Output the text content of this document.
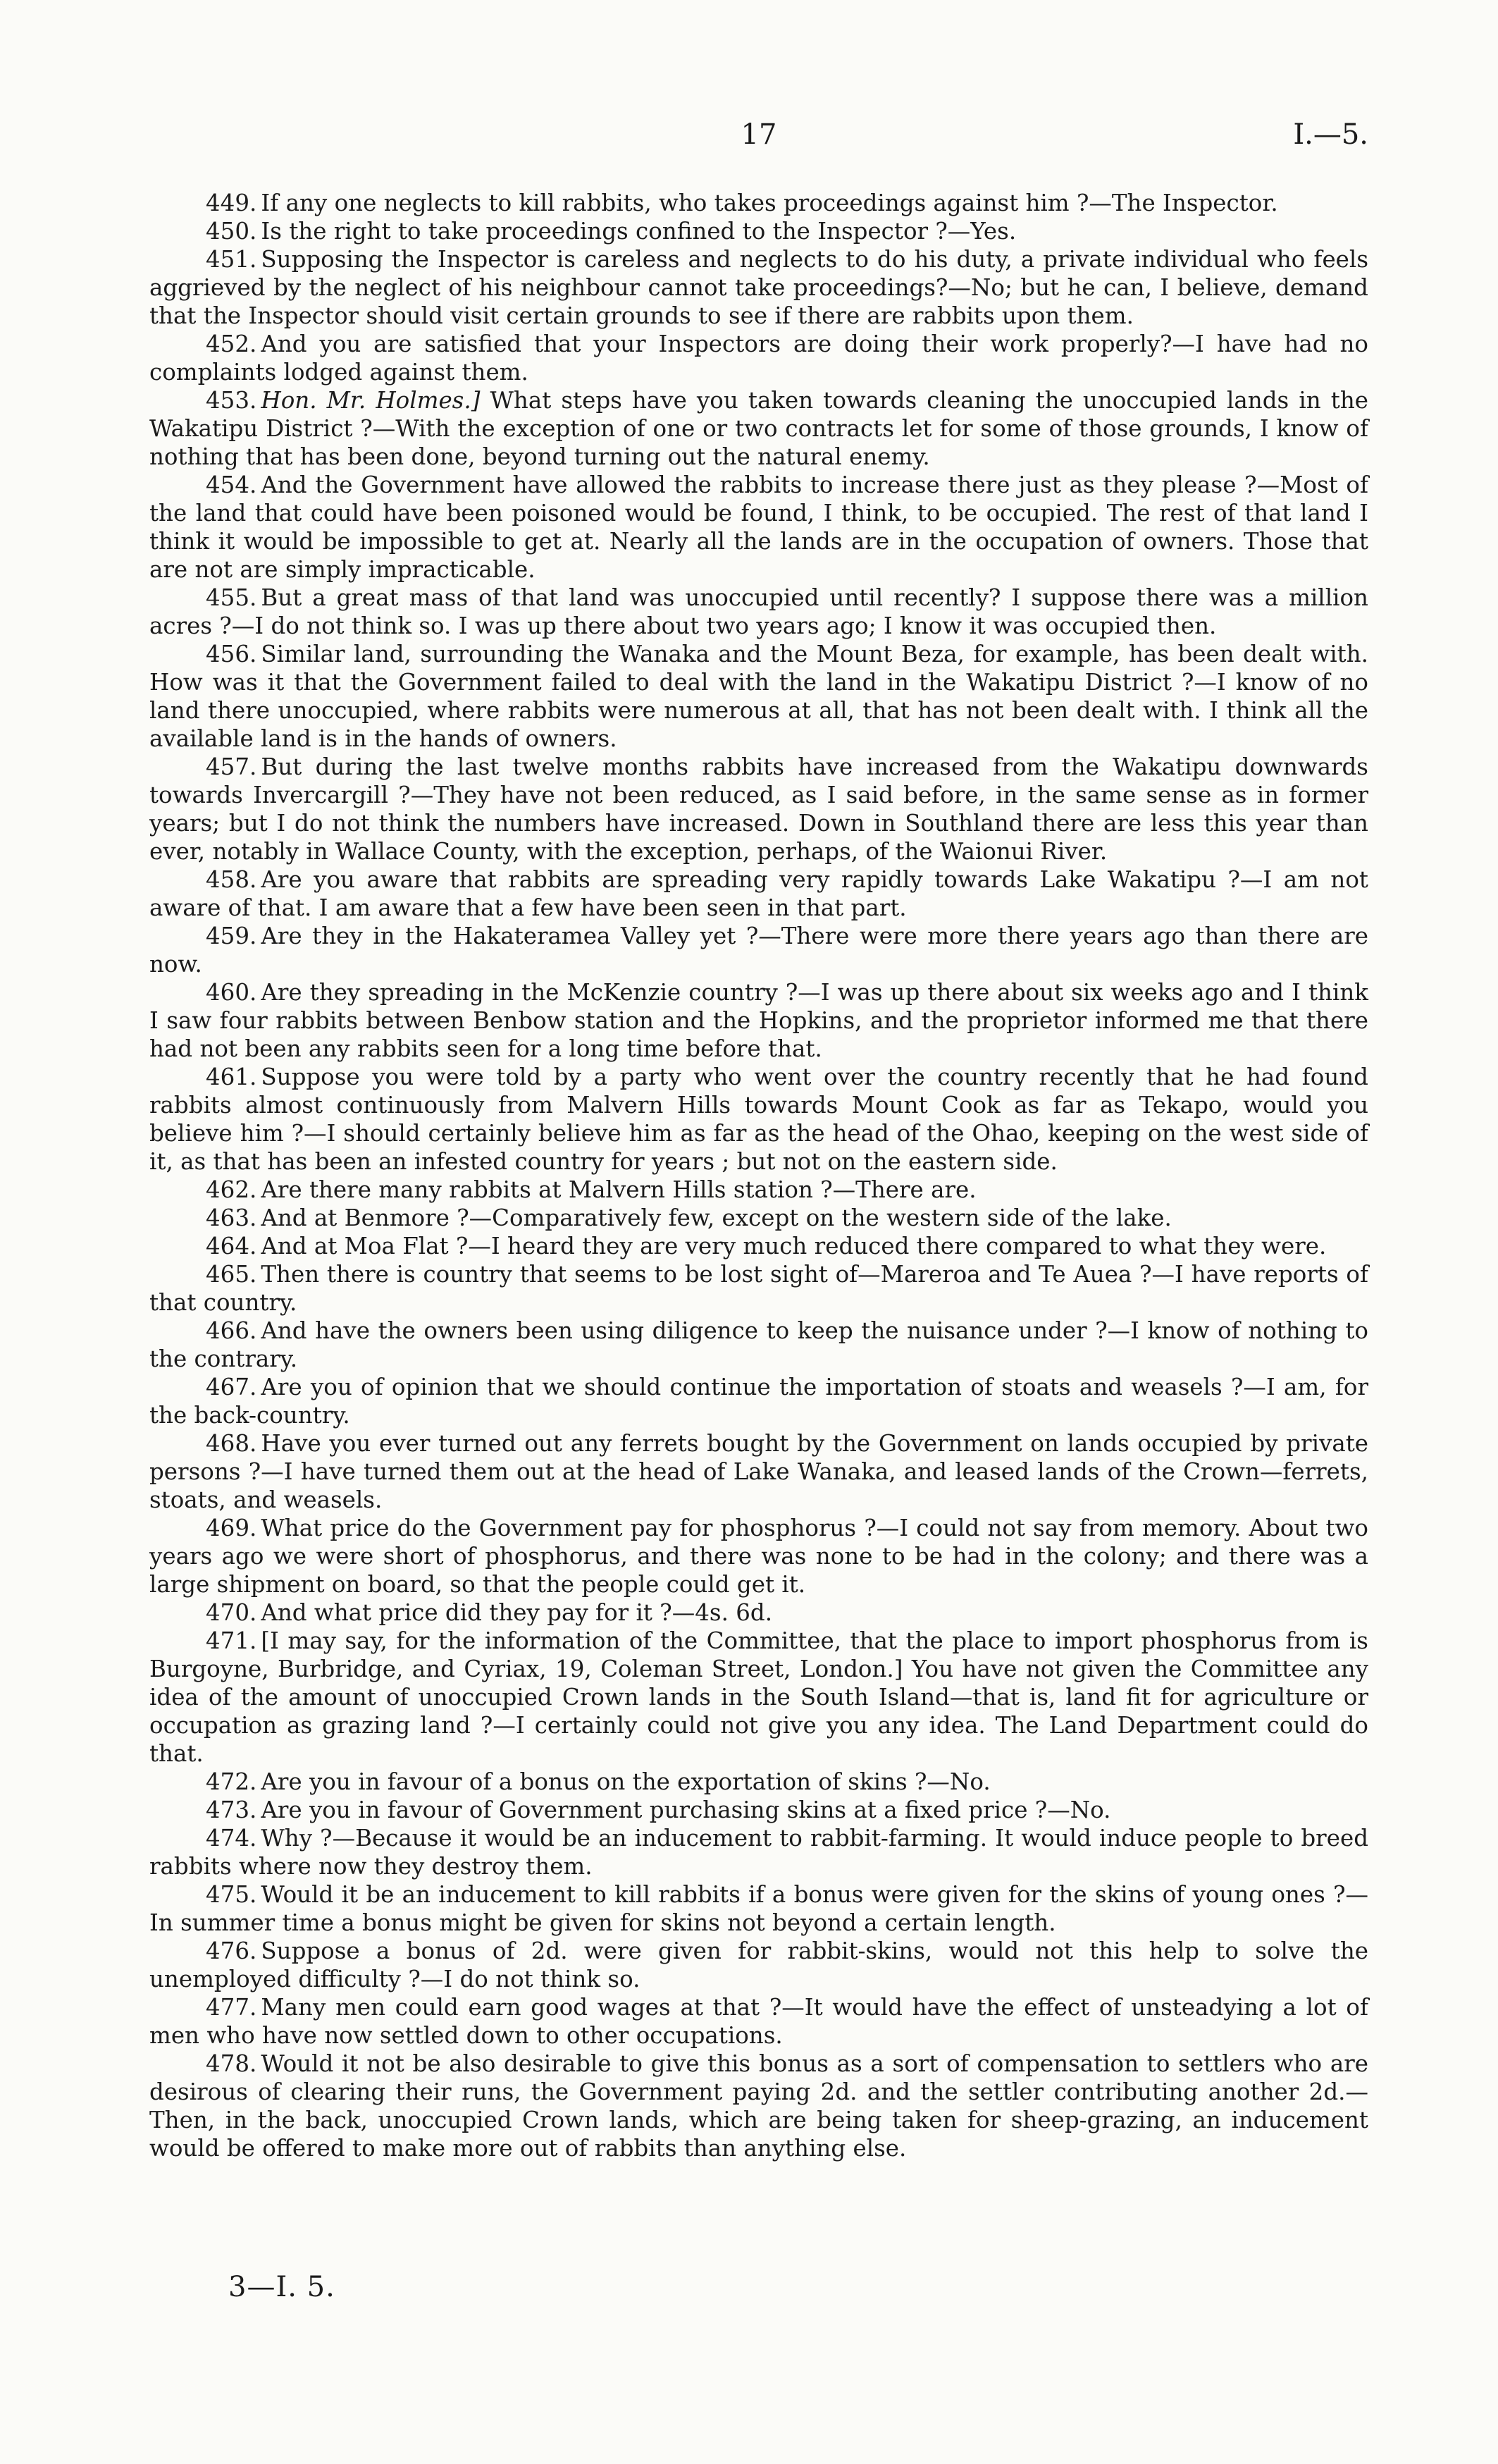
17	I.—5.

449. If any one neglects to kill rabbits, who takes proceedings against him ?—The Inspector.

450. Is the right to take proceedings confined to the Inspector ?—Yes.

451. Supposing the Inspector is careless and neglects to do his duty, a private individual who feels aggrieved by the neglect of his neighbour cannot take proceedings?—No; but he can, I believe, demand that the Inspector should visit certain grounds to see if there are rabbits upon them.

452. And you are satisfied that your Inspectors are doing their work properly?—I have had no complaints lodged against them.

453. Hon. Mr. Holmes.] What steps have you taken towards cleaning the unoccupied lands in the Wakatipu District ?—With the exception of one or two contracts let for some of those grounds, I know of nothing that has been done, beyond turning out the natural enemy.

454. And the Government have allowed the rabbits to increase there just as they please ?—Most of the land that could have been poisoned would be found, I think, to be occupied. The rest of that land I think it would be impossible to get at. Nearly all the lands are in the occupation of owners. Those that are not are simply impracticable.

455. But a great mass of that land was unoccupied until recently? I suppose there was a million acres ?—I do not think so. I was up there about two years ago; I know it was occupied then.

456. Similar land, surrounding the Wanaka and the Mount Beza, for example, has been dealt with. How was it that the Government failed to deal with the land in the Wakatipu District ?—I know of no land there unoccupied, where rabbits were numerous at all, that has not been dealt with. I think all the available land is in the hands of owners.

457. But during the last twelve months rabbits have increased from the Wakatipu downwards towards Invercargill ?—They have not been reduced, as I said before, in the same sense as in former years; but I do not think the numbers have increased. Down in Southland there are less this year than ever, notably in Wallace County, with the exception, perhaps, of the Waionui River.

458. Are you aware that rabbits are spreading very rapidly towards Lake Wakatipu ?—I am not aware of that. I am aware that a few have been seen in that part.

459. Are they in the Hakateramea Valley yet ?—There were more there years ago than there are now.

460. Are they spreading in the McKenzie country ?—I was up there about six weeks ago and I think I saw four rabbits between Benbow station and the Hopkins, and the proprietor informed me that there had not been any rabbits seen for a long time before that.

461. Suppose you were told by a party who went over the country recently that he had found rabbits almost continuously from Malvern Hills towards Mount Cook as far as Tekapo, would you believe him ?—I should certainly believe him as far as the head of the Ohao, keeping on the west side of it, as that has been an infested country for years ; but not on the eastern side.

462. Are there many rabbits at Malvern Hills station ?—There are.

463. And at Benmore ?—Comparatively few, except on the western side of the lake.

464. And at Moa Flat ?—I heard they are very much reduced there compared to what they were.

465. Then there is country that seems to be lost sight of—Mareroa and Te Auea ?—I have reports of that country.

466. And have the owners been using diligence to keep the nuisance under ?—I know of nothing to the contrary.

467. Are you of opinion that we should continue the importation of stoats and weasels ?—I am, for the back-country.

468. Have you ever turned out any ferrets bought by the Government on lands occupied by private persons ?—I have turned them out at the head of Lake Wanaka, and leased lands of the Crown—ferrets, stoats, and weasels.

469. What price do the Government pay for phosphorus ?—I could not say from memory. About two years ago we were short of phosphorus, and there was none to be had in the colony; and there was a large shipment on board, so that the people could get it.

470. And what price did they pay for it ?—4s. 6d.

471. [I may say, for the information of the Committee, that the place to import phosphorus from is Burgoyne, Burbridge, and Cyriax, 19, Coleman Street, London.] You have not given the Committee any idea of the amount of unoccupied Crown lands in the South Island—that is, land fit for agriculture or occupation as grazing land ?—I certainly could not give you any idea. The Land Department could do that.

472. Are you in favour of a bonus on the exportation of skins ?—No.

473. Are you in favour of Government purchasing skins at a fixed price ?—No.

474. Why ?—Because it would be an inducement to rabbit-farming. It would induce people to breed rabbits where now they destroy them.

475. Would it be an inducement to kill rabbits if a bonus were given for the skins of young ones ?—In summer time a bonus might be given for skins not beyond a certain length.

476. Suppose a bonus of 2d. were given for rabbit-skins, would not this help to solve the unemployed difficulty ?—I do not think so.

477. Many men could earn good wages at that ?—It would have the effect of unsteadying a lot of men who have now settled down to other occupations.

478. Would it not be also desirable to give this bonus as a sort of compensation to settlers who are desirous of clearing their runs, the Government paying 2d. and the settler contributing another 2d.—Then, in the back, unoccupied Crown lands, which are being taken for sheep-grazing, an inducement would be offered to make more out of rabbits than anything else.

3—I. 5.
